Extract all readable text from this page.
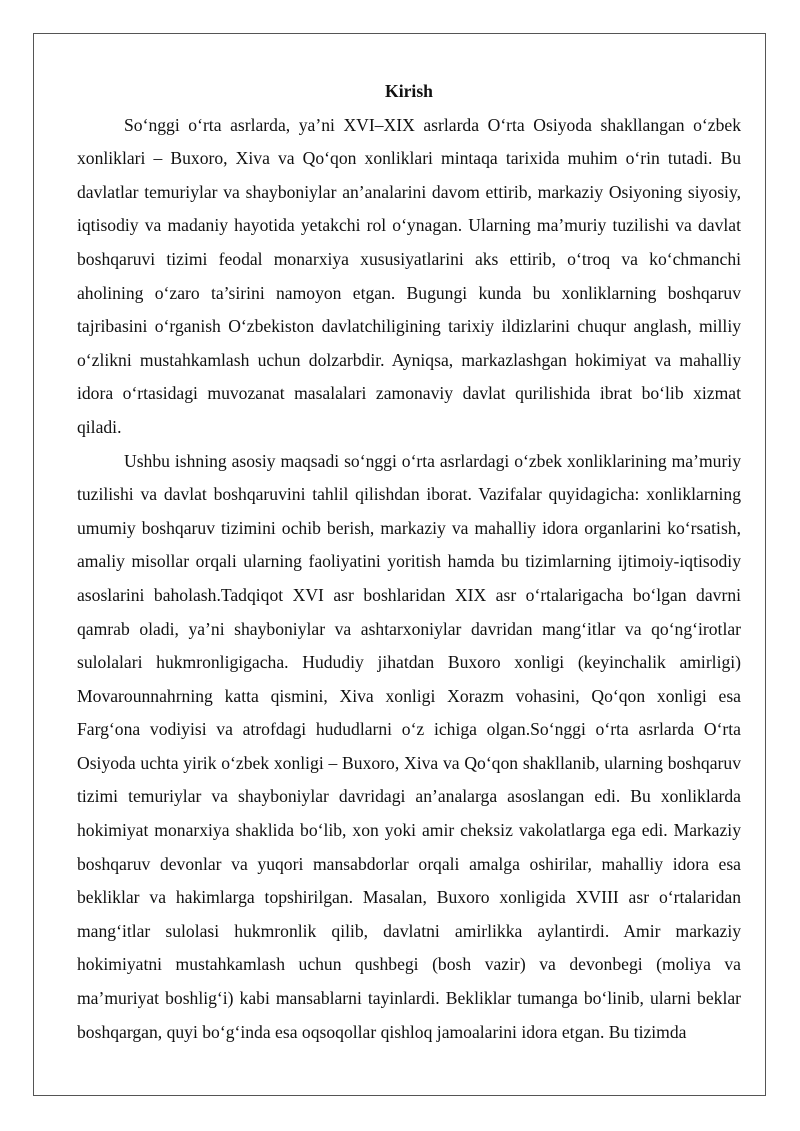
Kirish

So‘nggi o‘rta asrlarda, ya’ni XVI–XIX asrlarda O‘rta Osiyoda shakllangan o‘zbek xonliklari – Buxoro, Xiva va Qo‘qon xonliklari mintaqa tarixida muhim o‘rin tutadi. Bu davlatlar temuriylar va shayboniylar an’analarini davom ettirib, markaziy Osiyoning siyosiy, iqtisodiy va madaniy hayotida yetakchi rol o‘ynagan. Ularning ma’muriy tuzilishi va davlat boshqaruvi tizimi feodal monarxiya xususiyatlarini aks ettirib, o‘troq va ko‘chmanchi aholining o‘zaro ta’sirini namoyon etgan. Bugungi kunda bu xonliklarning boshqaruv tajribasini o‘rganish O‘zbekiston davlatchiligining tarixiy ildizlarini chuqur anglash, milliy o‘zlikni mustahkamlash uchun dolzarbdir. Ayniqsa, markazlashgan hokimiyat va mahalliy idora o‘rtasidagi muvozanat masalalari zamonaviy davlat qurilishida ibrat bo‘lib xizmat qiladi.

Ushbu ishning asosiy maqsadi so‘nggi o‘rta asrlardagi o‘zbek xonliklarining ma’muriy tuzilishi va davlat boshqaruvini tahlil qilishdan iborat. Vazifalar quyidagicha: xonliklarning umumiy boshqaruv tizimini ochib berish, markaziy va mahalliy idora organlarini ko‘rsatish, amaliy misollar orqali ularning faoliyatini yoritish hamda bu tizimlarning ijtimoiy-iqtisodiy asoslarini baholash.Tadqiqot XVI asr boshlaridan XIX asr o‘rtalarigacha bo‘lgan davrni qamrab oladi, ya’ni shayboniylar va ashtarxoniylar davridan mang‘itlar va qo‘ng‘irotlar sulolalari hukmronligigacha. Hududiy jihatdan Buxoro xonligi (keyinchalik amirligi) Movarounnahrning katta qismini, Xiva xonligi Xorazm vohasini, Qo‘qon xonligi esa Farg‘ona vodiyisi va atrofdagi hududlarni o‘z ichiga olgan.So‘nggi o‘rta asrlarda O‘rta Osiyoda uchta yirik o‘zbek xonligi – Buxoro, Xiva va Qo‘qon shakllanib, ularning boshqaruv tizimi temuriylar va shayboniylar davridagi an’analarga asoslangan edi. Bu xonliklarda hokimiyat monarxiya shaklida bo‘lib, xon yoki amir cheksiz vakolatlarga ega edi. Markaziy boshqaruv devonlar va yuqori mansabdorlar orqali amalga oshirilar, mahalliy idora esa bekliklar va hakimlarga topshirilgan. Masalan, Buxoro xonligida XVIII asr o‘rtalaridan mang‘itlar sulolasi hukmronlik qilib, davlatni amirlikka aylantirdi. Amir markaziy hokimiyatni mustahkamlash uchun qushbegi (bosh vazir) va devonbegi (moliya va ma’muriyat boshlig‘i) kabi mansablarni tayinlardi. Bekliklar tumanga bo‘linib, ularni beklar boshqargan, quyi bo‘g‘inda esa oqsoqollar qishloq jamoalarini idora etgan. Bu tizimda
